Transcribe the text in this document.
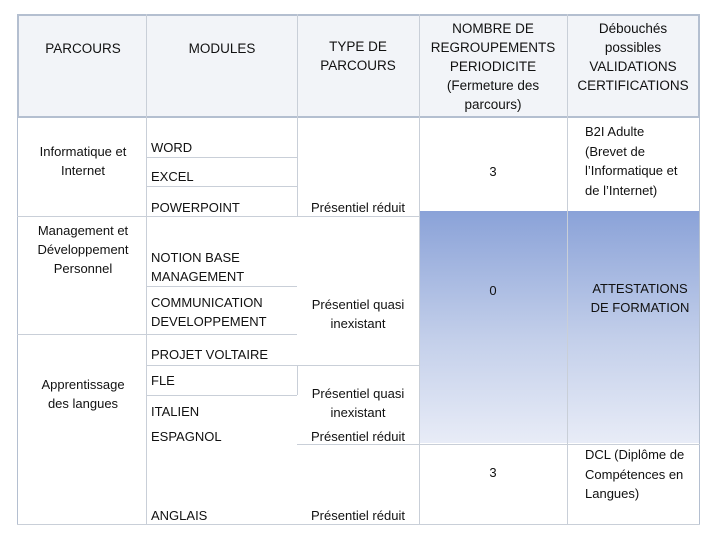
PARCOURS	MODULES	TYPE DE
PARCOURS
NOMBRE DE
REGROUPEMENTS
PERIODICITE
(Fermeture des
parcours)
Débouchés
possibles
VALIDATIONS
CERTIFICATIONS
Informatique et
Internet
Management et
Développement
Personnel
Apprentissage
des langues
WORD
EXCEL
POWERPOINT
NOTION BASE
MANAGEMENT
COMMUNICATION
DEVELOPPEMENT
PROJET VOLTAIRE
FLE
ITALIEN
ESPAGNOL
ANGLAIS
Présentiel réduit
Présentiel quasi
inexistant
Présentiel quasi
inexistant
Présentiel réduit
Présentiel réduit
3
0
3
B2I Adulte
(Brevet de
l’Informatique et
de l’Internet)
ATTESTATIONS
DE FORMATION
DCL (Diplôme de
Compétences en
Langues)
